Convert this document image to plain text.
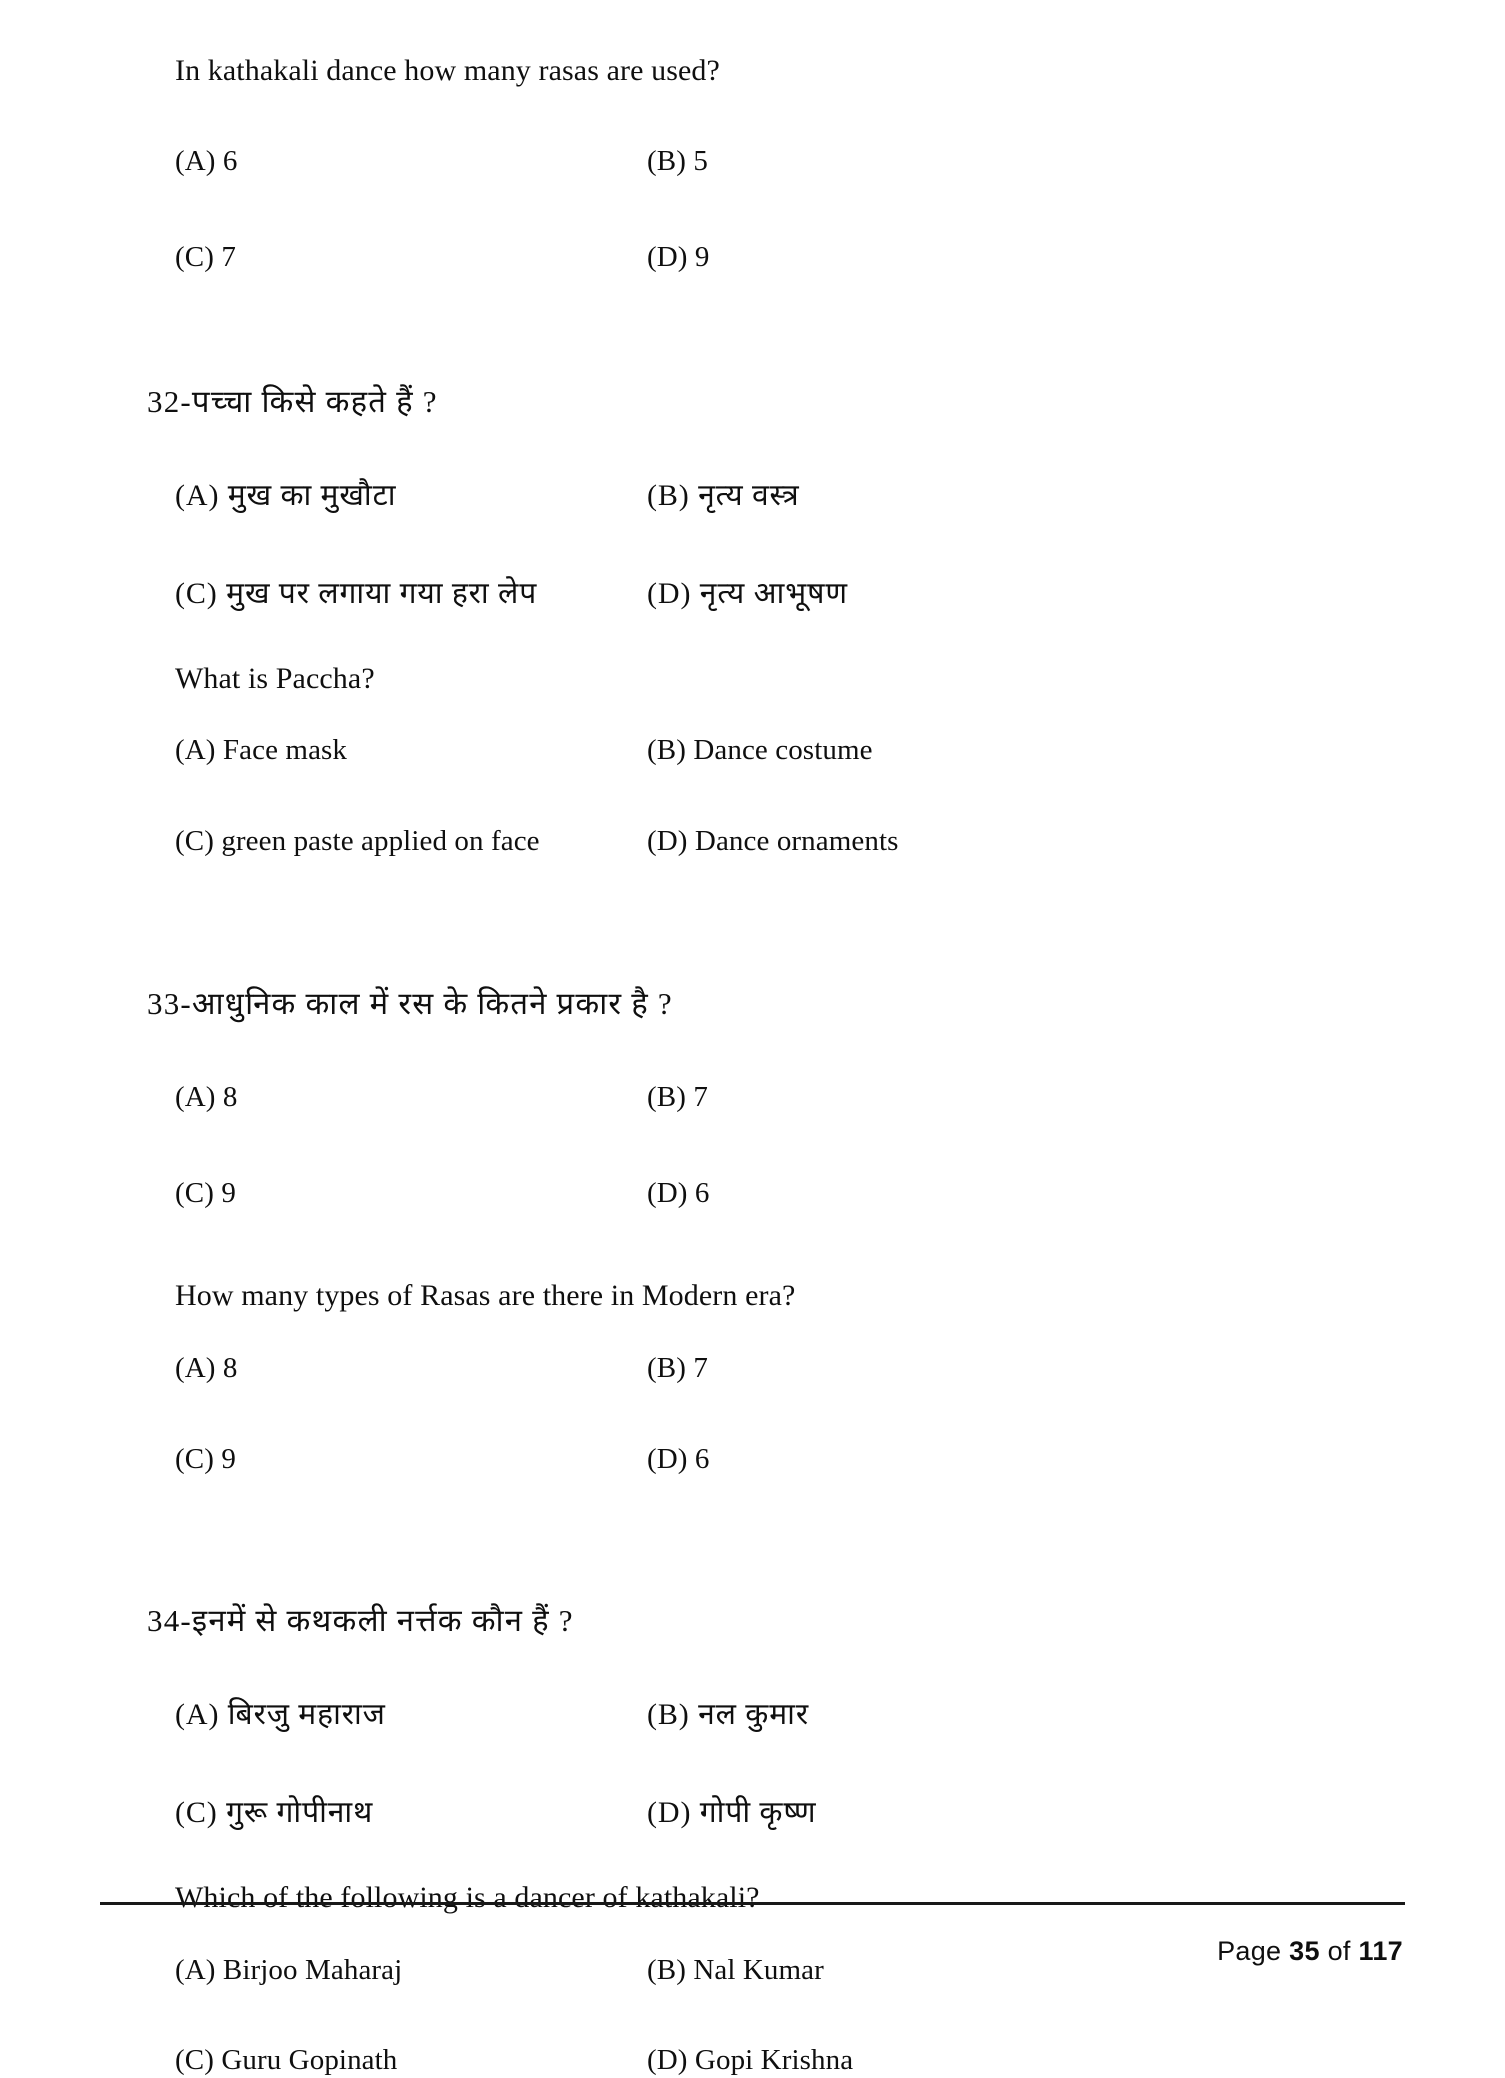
In kathakali dance how many rasas are used?
(A) 6	(B) 5
(C) 7	(D) 9
32-पच्चा किसे कहते हैं ?
(A) मुख का मुखौटा	(B) नृत्य वस्त्र
(C) मुख पर लगाया गया हरा लेप	(D) नृत्य आभूषण
What is Paccha?
(A) Face mask	(B) Dance costume
(C) green paste applied on face	(D) Dance ornaments
33-आधुनिक काल में रस के कितने प्रकार है ?
(A) 8	(B) 7
(C) 9	(D) 6
How many types of Rasas are there in Modern era?
(A) 8	(B) 7
(C) 9	(D) 6
34-इनमें से कथकली नर्त्तक कौन हैं ?
(A) बिरजु महाराज	(B) नल कुमार
(C) गुरू गोपीनाथ	(D) गोपी कृष्ण
Which of the following is a dancer of kathakali?
(A) Birjoo Maharaj	(B) Nal Kumar
(C) Guru Gopinath	(D) Gopi Krishna
Page 35 of 117
